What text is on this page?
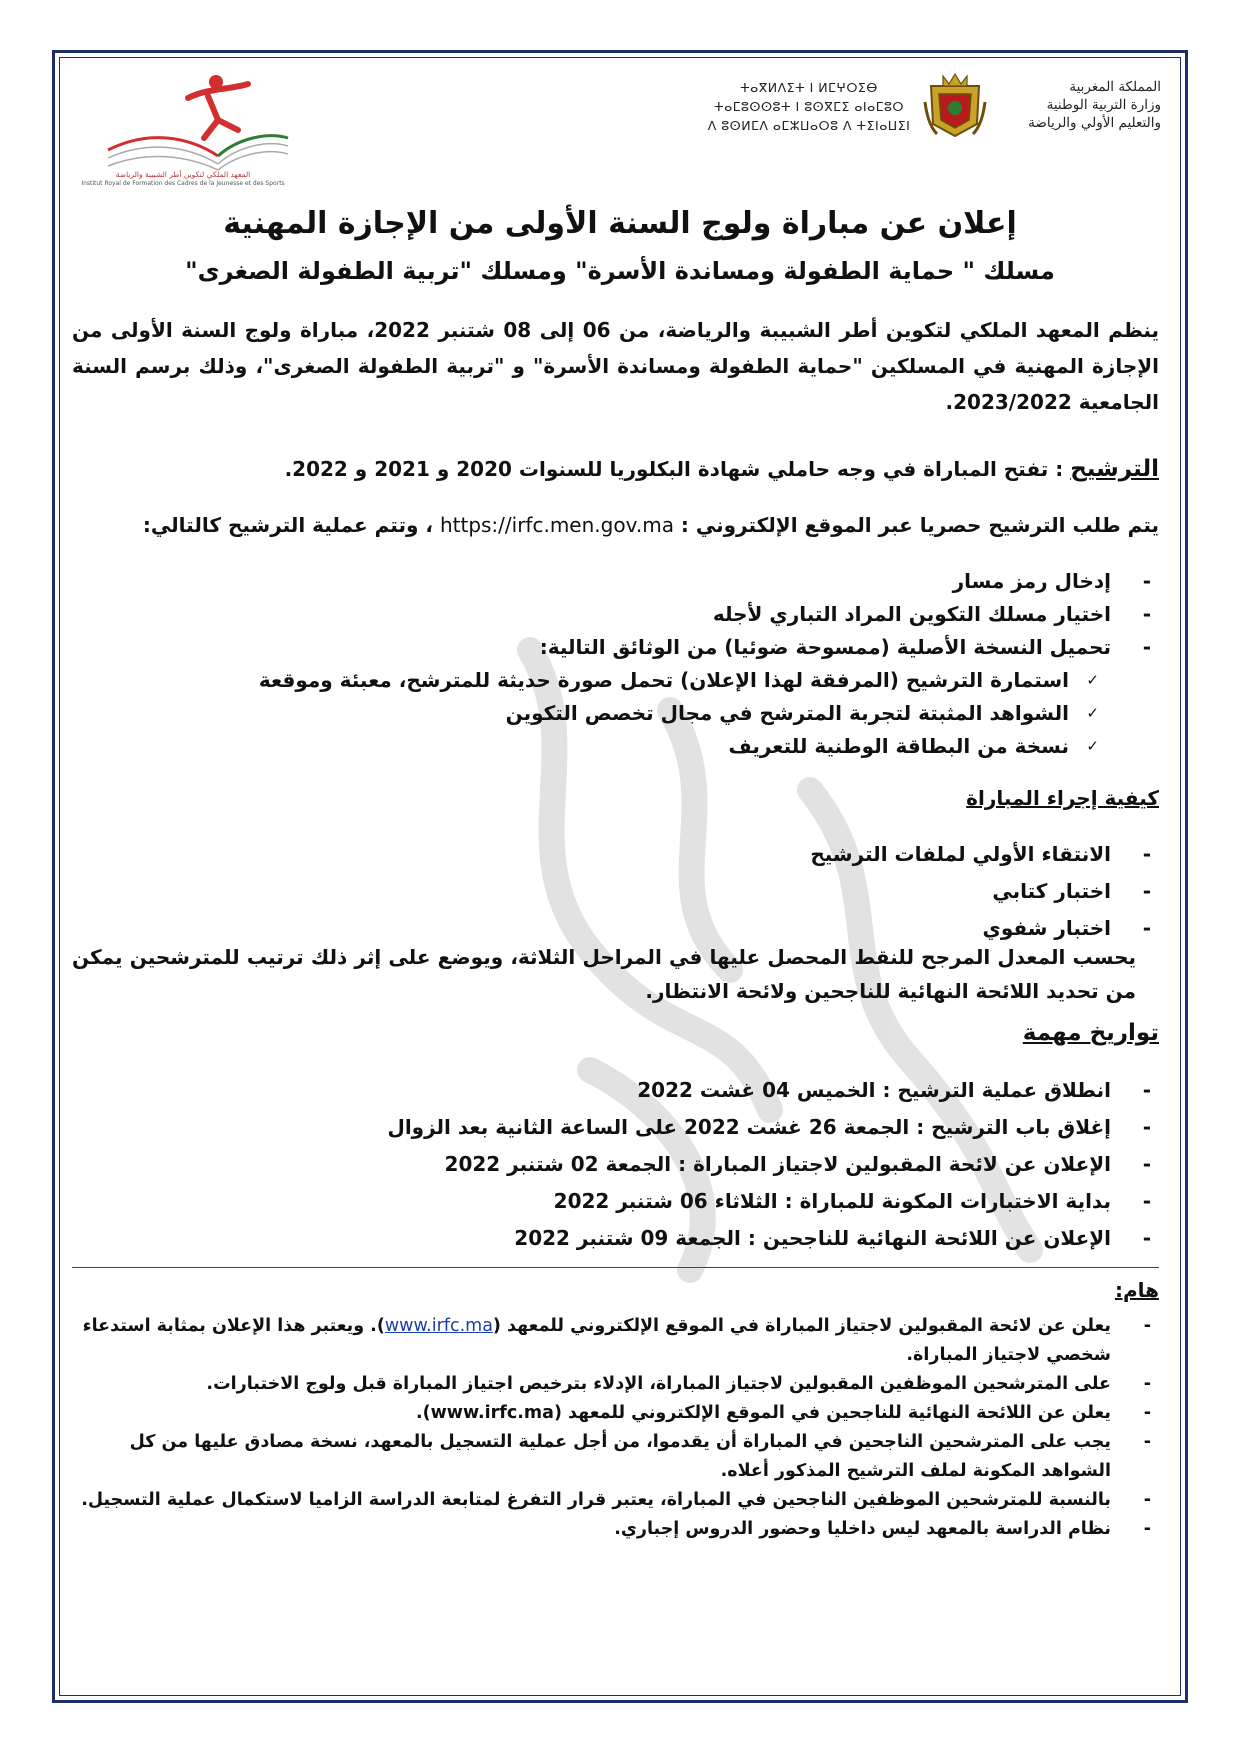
المملكة المغربية
وزارة التربية الوطنية
والتعليم الأولي والرياضة
ⵜⴰⴳⵍⴷⵉⵜ ⵏ ⵍⵎⵖⵔⵉⴱ
ⵜⴰⵎⵓⵙⵙⵓⵜ ⵏ ⵓⵙⴳⵎⵉ ⴰⵏⴰⵎⵓⵔ
ⴷ ⵓⵙⵍⵎⴷ ⴰⵎⵣⵡⴰⵔⵓ ⴷ ⵜⵉⵏⴰⵡⵉⵏ
المعهد الملكي لتكوين أطر الشبيبة والرياضة
Institut Royal de Formation des Cadres de la Jeunesse et des Sports
إعلان عن مباراة ولوج السنة الأولى من الإجازة المهنية
مسلك " حماية الطفولة ومساندة الأسرة" ومسلك "تربية الطفولة الصغرى"
ينظم المعهد الملكي لتكوين أطر الشبيبة والرياضة، من 06 إلى 08 شتنبر 2022، مباراة ولوج السنة الأولى من الإجازة المهنية في المسلكين "حماية الطفولة ومساندة الأسرة" و "تربية الطفولة الصغرى"، وذلك برسم السنة الجامعية 2023/2022.
الترشيح : تفتح المباراة في وجه حاملي شهادة البكلوريا للسنوات 2020 و 2021 و 2022.
يتم طلب الترشيح حصريا عبر الموقع الإلكتروني : https://irfc.men.gov.ma ، وتتم عملية الترشيح كالتالي:
-
إدخال رمز مسار
-
اختيار مسلك التكوين المراد التباري لأجله
-
تحميل النسخة الأصلية (ممسوحة ضوئيا) من الوثائق التالية:
✓
استمارة الترشيح (المرفقة لهذا الإعلان) تحمل صورة حديثة للمترشح، معبئة وموقعة
✓
الشواهد المثبتة لتجربة المترشح في مجال تخصص التكوين
✓
نسخة من البطاقة الوطنية للتعريف
كيفية إجراء المباراة
-
الانتقاء الأولي لملفات الترشيح
-
اختبار كتابي
-
اختبار شفوي
يحسب المعدل المرجح للنقط المحصل عليها في المراحل الثلاثة، ويوضع على إثر ذلك ترتيب للمترشحين يمكن من تحديد اللائحة النهائية للناجحين ولائحة الانتظار.
تواريخ مهمة
-
انطلاق عملية الترشيح : الخميس 04 غشت 2022
-
إغلاق باب الترشيح : الجمعة 26 غشت 2022 على الساعة الثانية بعد الزوال
-
الإعلان عن لائحة المقبولين لاجتياز المباراة : الجمعة 02 شتنبر 2022
-
بداية الاختبارات المكونة للمباراة : الثلاثاء 06 شتنبر 2022
-
الإعلان عن اللائحة النهائية للناجحين : الجمعة 09 شتنبر 2022
هام:
-
يعلن عن لائحة المقبولين لاجتياز المباراة في الموقع الإلكتروني للمعهد (www.irfc.ma). ويعتبر هذا الإعلان بمثابة استدعاء شخصي لاجتياز المباراة.
-
على المترشحين الموظفين المقبولين لاجتياز المباراة، الإدلاء بترخيص اجتياز المباراة قبل ولوج الاختبارات.
-
يعلن عن اللائحة النهائية للناجحين في الموقع الإلكتروني للمعهد (www.irfc.ma).
-
يجب على المترشحين الناجحين في المباراة أن يقدموا، من أجل عملية التسجيل بالمعهد، نسخة مصادق عليها من كل الشواهد المكونة لملف الترشيح المذكور أعلاه.
-
بالنسبة للمترشحين الموظفين الناجحين في المباراة، يعتبر قرار التفرغ لمتابعة الدراسة الزاميا لاستكمال عملية التسجيل.
-
نظام الدراسة بالمعهد ليس داخليا وحضور الدروس إجباري.
